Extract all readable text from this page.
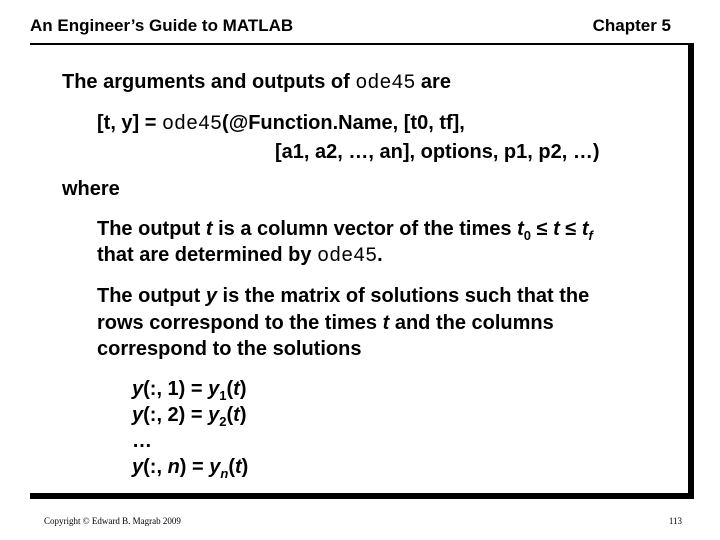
An Engineer’s Guide to MATLAB	Chapter 5
The arguments and outputs of ode45 are
[t, y] = ode45(@Function.Name, [t0, tf],
[a1, a2, …, an], options, p1, p2, …)
where
The output t is a column vector of the times $t_0 \le t \le t_f$
that are determined by ode45.
The output y is the matrix of solutions such that the
rows correspond to the times t and the columns
correspond to the solutions
y(:, $1) = y_1(t)$
y(:, $2) = y_2(t)$
…
y(:, $n) = y_n(t)$
Copyright © Edward B. Magrab 2009	113
